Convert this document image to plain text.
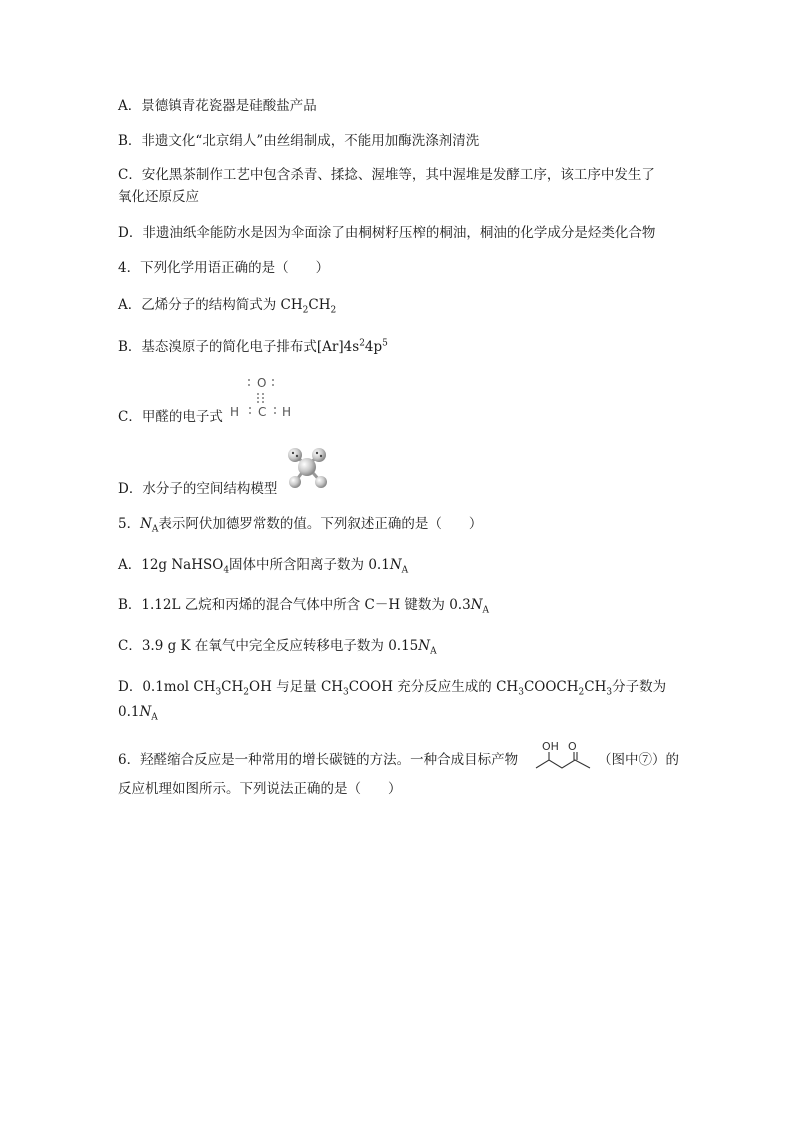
A．景德镇青花瓷器是硅酸盐产品
B．非遗文化“北京绢人”由丝绢制成，不能用加酶洗涤剂清洗
C．安化黑茶制作工艺中包含杀青、揉捻、渥堆等，其中渥堆是发酵工序，该工序中发生了
氧化还原反应
D．非遗油纸伞能防水是因为伞面涂了由桐树籽压榨的桐油，桐油的化学成分是烃类化合物
4．下列化学用语正确的是（　　）
A．乙烯分子的结构简式为 $CH_2CH_2$
B．基态溴原子的简化电子排布式$[Ar]4s^24p^5$
C．甲醛的电子式
O
C
H	H
D．水分子的空间结构模型
5．$N_A$表示阿伏加德罗常数的值。下列叙述正确的是（　　）
A．12g NaHSO$_4$固体中所含阳离子数为 $0.1N_A$
B．1.12L 乙烷和丙烯的混合气体中所含 C－H 键数为 $0.3N_A$
C．3.9 g K 在氧气中完全反应转移电子数为 $0.15N_A$
D．0.1mol $CH_3CH_2OH$ 与足量 $CH_3COOH$ 充分反应生成的 $CH_3COOCH_2CH_3$分子数为
$0.1N_A$
6．羟醛缩合反应是一种常用的增长碳链的方法。一种合成目标产物
OH O
（图中⑦）的
反应机理如图所示。下列说法正确的是（　　）
